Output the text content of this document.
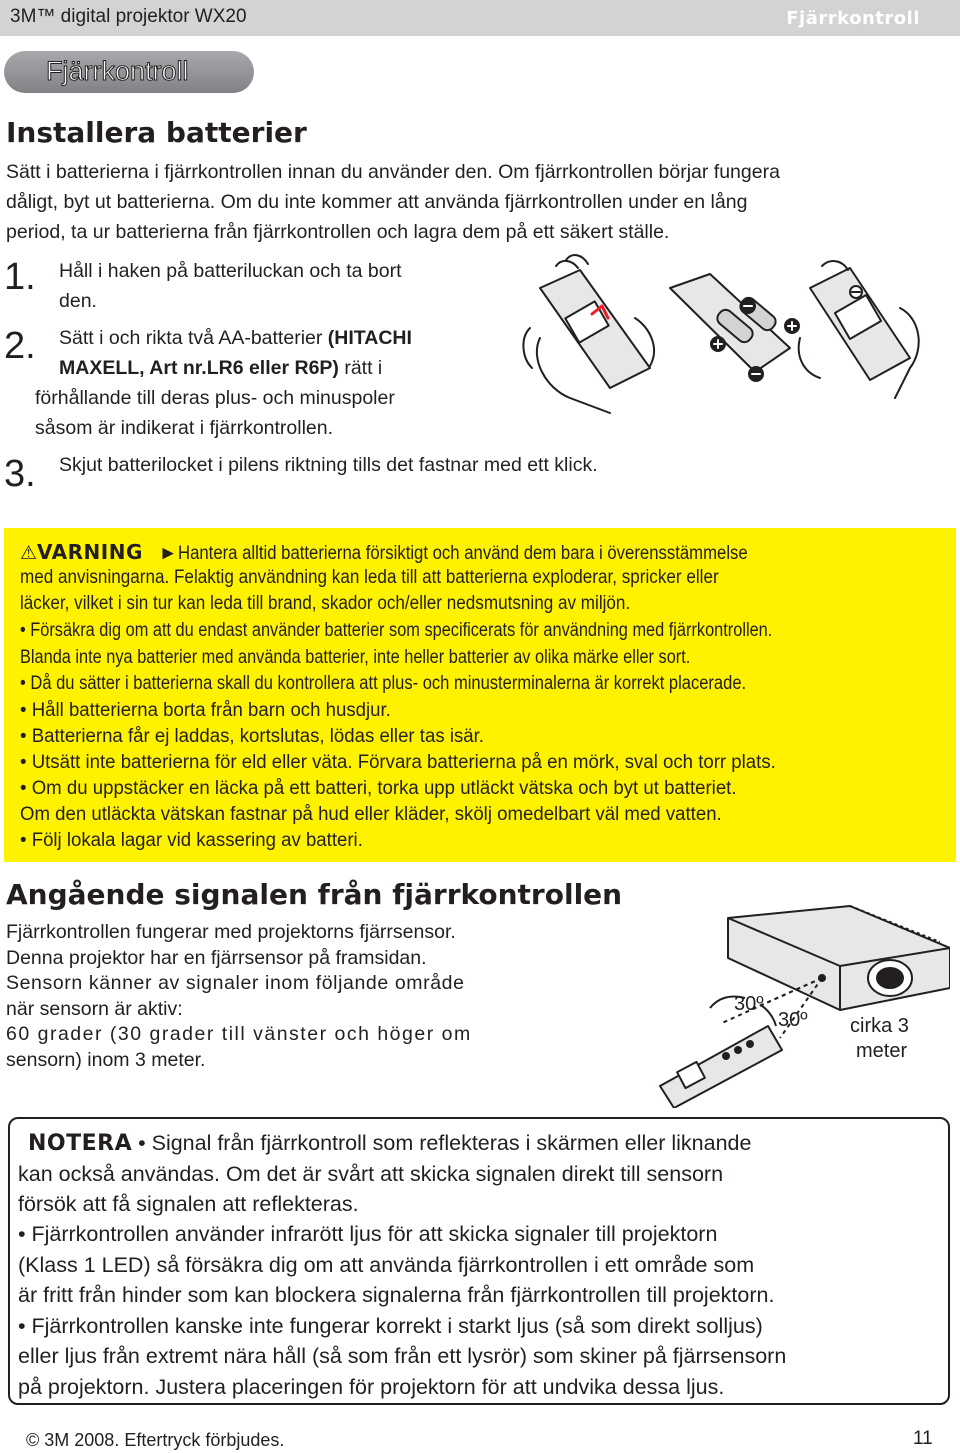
3M™ digital projektor WX20	Fjärrkontroll
Fjärrkontroll
Installera batterier
Sätt i batterierna i fjärrkontrollen innan du använder den. Om fjärrkontrollen börjar fungera
dåligt, byt ut batterierna. Om du inte kommer att använda fjärrkontrollen under en lång
period, ta ur batterierna från fjärrkontrollen och lagra dem på ett säkert ställe.
1. Håll i haken på batteriluckan och ta bort
den.
2. Sätt i och rikta två AA-batterier (HITACHI
MAXELL, Art nr.LR6 eller R6P) rätt i
förhållande till deras plus- och minuspoler
såsom är indikerat i fjärrkontrollen.
3. Skjut batterilocket i pilens riktning tills det fastnar med ett klick.
⚠VARNING   ►Hantera alltid batterierna försiktigt och använd dem bara i överensstämmelse
med anvisningarna. Felaktig användning kan leda till att batterierna exploderar, spricker eller
läcker, vilket i sin tur kan leda till brand, skador och/eller nedsmutsning av miljön.
• Försäkra dig om att du endast använder batterier som specificerats för användning med fjärrkontrollen.
Blanda inte nya batterier med använda batterier, inte heller batterier av olika märke eller sort.
• Då du sätter i batterierna skall du kontrollera att plus- och minusterminalerna är korrekt placerade.
• Håll batterierna borta från barn och husdjur.
• Batterierna får ej laddas, kortslutas, lödas eller tas isär.
• Utsätt inte batterierna för eld eller väta. Förvara batterierna på en mörk, sval och torr plats.
• Om du uppstäcker en läcka på ett batteri, torka upp utläckt vätska och byt ut batteriet.
Om den utläckta vätskan fastnar på hud eller kläder, skölj omedelbart väl med vatten.
• Följ lokala lagar vid kassering av batteri.
Angående signalen från fjärrkontrollen
Fjärrkontrollen fungerar med projektorns fjärrsensor.
Denna projektor har en fjärrsensor på framsidan.
Sensorn känner av signaler inom följande område
när sensorn är aktiv:
60 grader (30 grader till vänster och höger om
sensorn) inom 3 meter.
30º
30º cirka 3
meter
NOTERA • Signal från fjärrkontroll som reflekteras i skärmen eller liknande
kan också användas. Om det är svårt att skicka signalen direkt till sensorn
försök att få signalen att reflekteras.
• Fjärrkontrollen använder infrarött ljus för att skicka signaler till projektorn
(Klass 1 LED) så försäkra dig om att använda fjärrkontrollen i ett område som
är fritt från hinder som kan blockera signalerna från fjärrkontrollen till projektorn.
• Fjärrkontrollen kanske inte fungerar korrekt i starkt ljus (så som direkt solljus)
eller ljus från extremt nära håll (så som från ett lysrör) som skiner på fjärrsensorn
på projektorn. Justera placeringen för projektorn för att undvika dessa ljus.
© 3M 2008. Eftertryck förbjudes.	11
